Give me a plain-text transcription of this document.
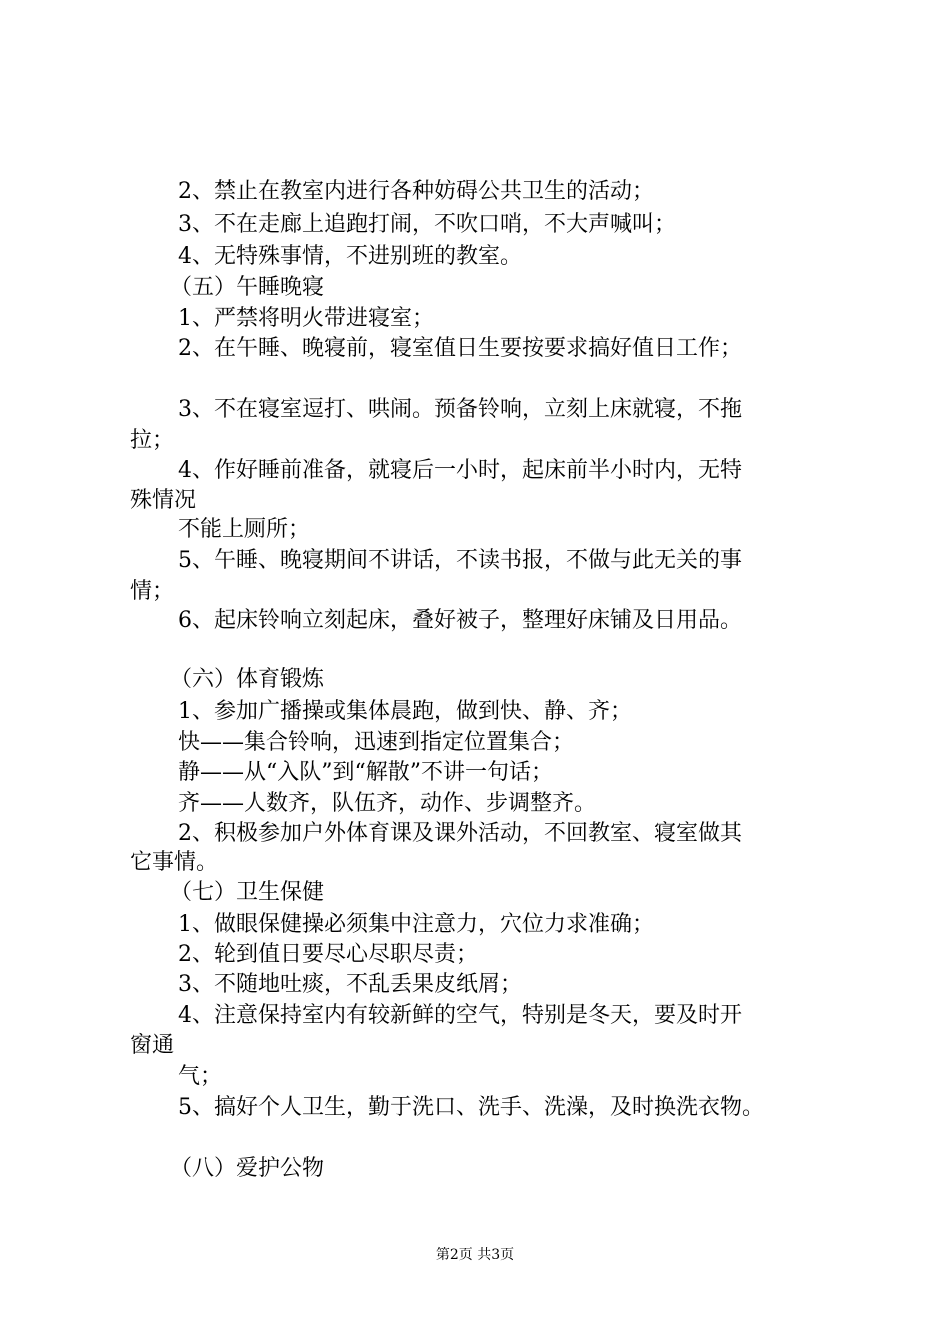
2、禁止在教室内进行各种妨碍公共卫生的活动；
3、不在走廊上追跑打闹，不吹口哨，不大声喊叫；
4、无特殊事情，不进别班的教室。
（五）午睡晚寝
1、严禁将明火带进寝室；
2、在午睡、晚寝前，寝室值日生要按要求搞好值日工作；
3、不在寝室逗打、哄闹。预备铃响，立刻上床就寝，不拖
拉；
4、作好睡前准备，就寝后一小时，起床前半小时内，无特
殊情况
不能上厕所；
5、午睡、晚寝期间不讲话，不读书报，不做与此无关的事
情；
6、起床铃响立刻起床，叠好被子，整理好床铺及日用品。
（六）体育锻炼
1、参加广播操或集体晨跑，做到快、静、齐；
快——集合铃响，迅速到指定位置集合；
静——从“入队”到“解散”不讲一句话；
齐——人数齐，队伍齐，动作、步调整齐。
2、积极参加户外体育课及课外活动，不回教室、寝室做其
它事情。
（七）卫生保健
1、做眼保健操必须集中注意力，穴位力求准确；
2、轮到值日要尽心尽职尽责；
3、不随地吐痰，不乱丢果皮纸屑；
4、注意保持室内有较新鲜的空气，特别是冬天，要及时开
窗通
气；
5、搞好个人卫生，勤于洗口、洗手、洗澡，及时换洗衣物。
（八）爱护公物
第2页 共3页
